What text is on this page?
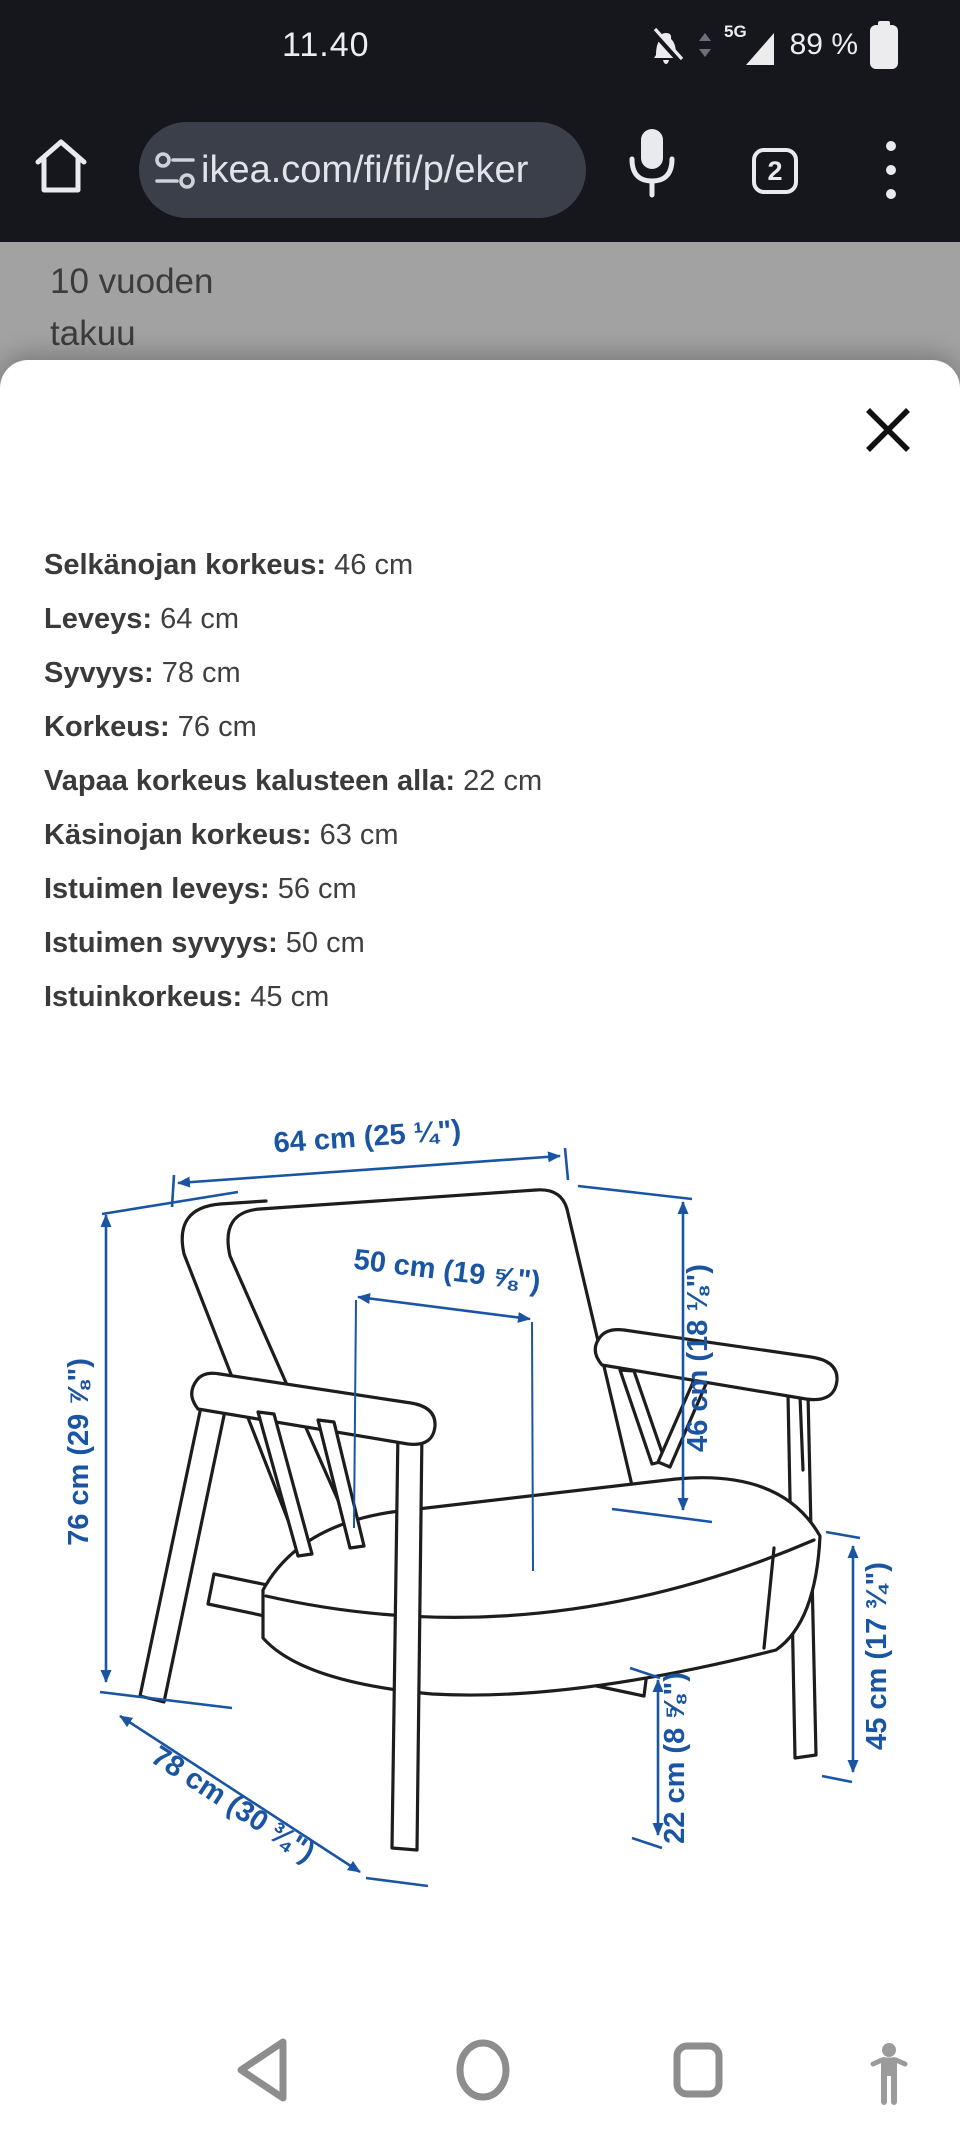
11.40	5G 89 %
ikea.com/fi/fi/p/eker	2
10 vuoden
takuu
Selkänojan korkeus: 46 cm
Leveys: 64 cm
Syvyys: 78 cm
Korkeus: 76 cm
Vapaa korkeus kalusteen alla: 22 cm
Käsinojan korkeus: 63 cm
Istuimen leveys: 56 cm
Istuimen syvyys: 50 cm
Istuinkorkeus: 45 cm
64 cm (25 ¼")
50 cm (19 ⅝")	46 cm (18 ⅛")
76 cm (29 ⅞")
78 cm (30 ¾")	22 cm (8 ⅝")
45 cm (17 ¾")
